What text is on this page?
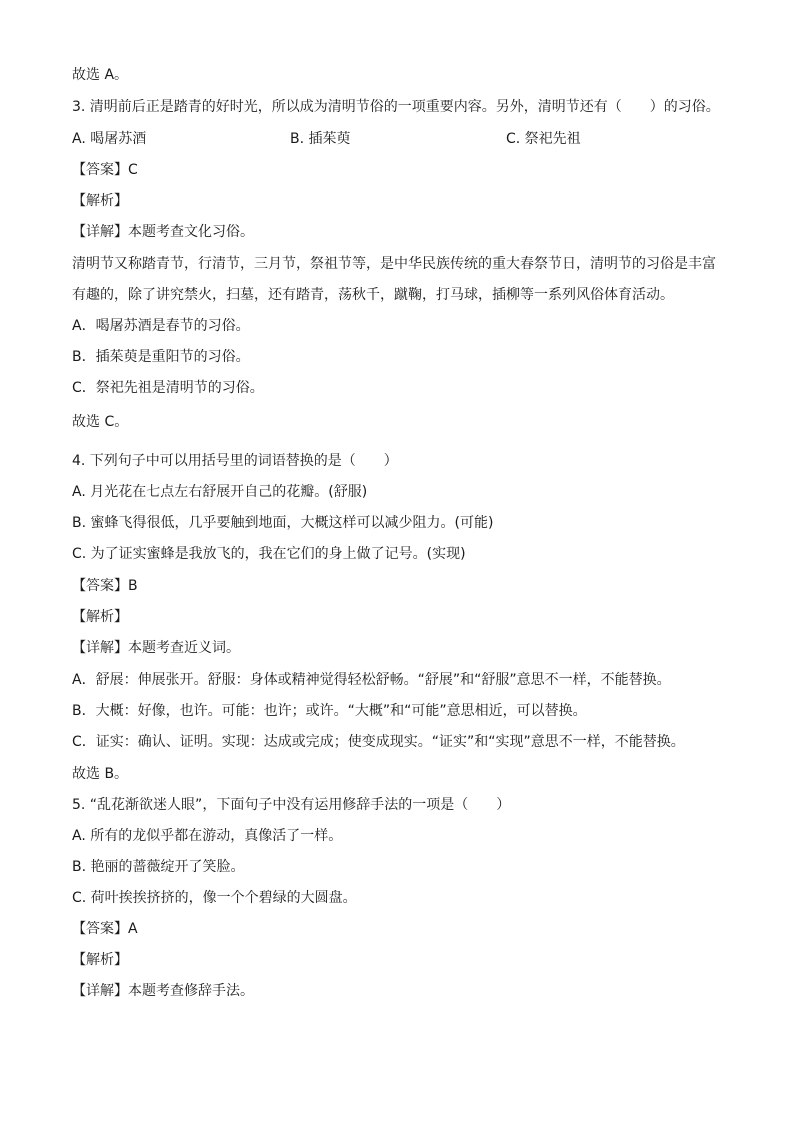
故选 A。
3. 清明前后正是踏青的好时光，所以成为清明节俗的一项重要内容。另外，清明节还有（　　）的习俗。
A. 喝屠苏酒	B. 插茱萸	C. 祭祀先祖
【答案】C
【解析】
【详解】本题考查文化习俗。
清明节又称踏青节，行清节，三月节，祭祖节等，是中华民族传统的重大春祭节日，清明节的习俗是丰富
有趣的，除了讲究禁火，扫墓，还有踏青，荡秋千，蹴鞠，打马球，插柳等一系列风俗体育活动。
A．喝屠苏酒是春节的习俗。
B．插茱萸是重阳节的习俗。
C．祭祀先祖是清明节的习俗。
故选 C。
4. 下列句子中可以用括号里的词语替换的是（　　）
A. 月光花在七点左右舒展开自己的花瓣。(舒服)
B. 蜜蜂飞得很低，几乎要触到地面，大概这样可以减少阻力。(可能)
C. 为了证实蜜蜂是我放飞的，我在它们的身上做了记号。(实现)
【答案】B
【解析】
【详解】本题考查近义词。
A．舒展：伸展张开。舒服：身体或精神觉得轻松舒畅。“舒展”和“舒服”意思不一样，不能替换。
B．大概：好像，也许。可能：也许；或许。“大概”和“可能”意思相近，可以替换。
C．证实：确认、证明。实现：达成或完成；使变成现实。“证实”和“实现”意思不一样，不能替换。
故选 B。
5. “乱花渐欲迷人眼”，下面句子中没有运用修辞手法的一项是（　　）
A. 所有的龙似乎都在游动，真像活了一样。
B. 艳丽的蔷薇绽开了笑脸。
C. 荷叶挨挨挤挤的，像一个个碧绿的大圆盘。
【答案】A
【解析】
【详解】本题考查修辞手法。
